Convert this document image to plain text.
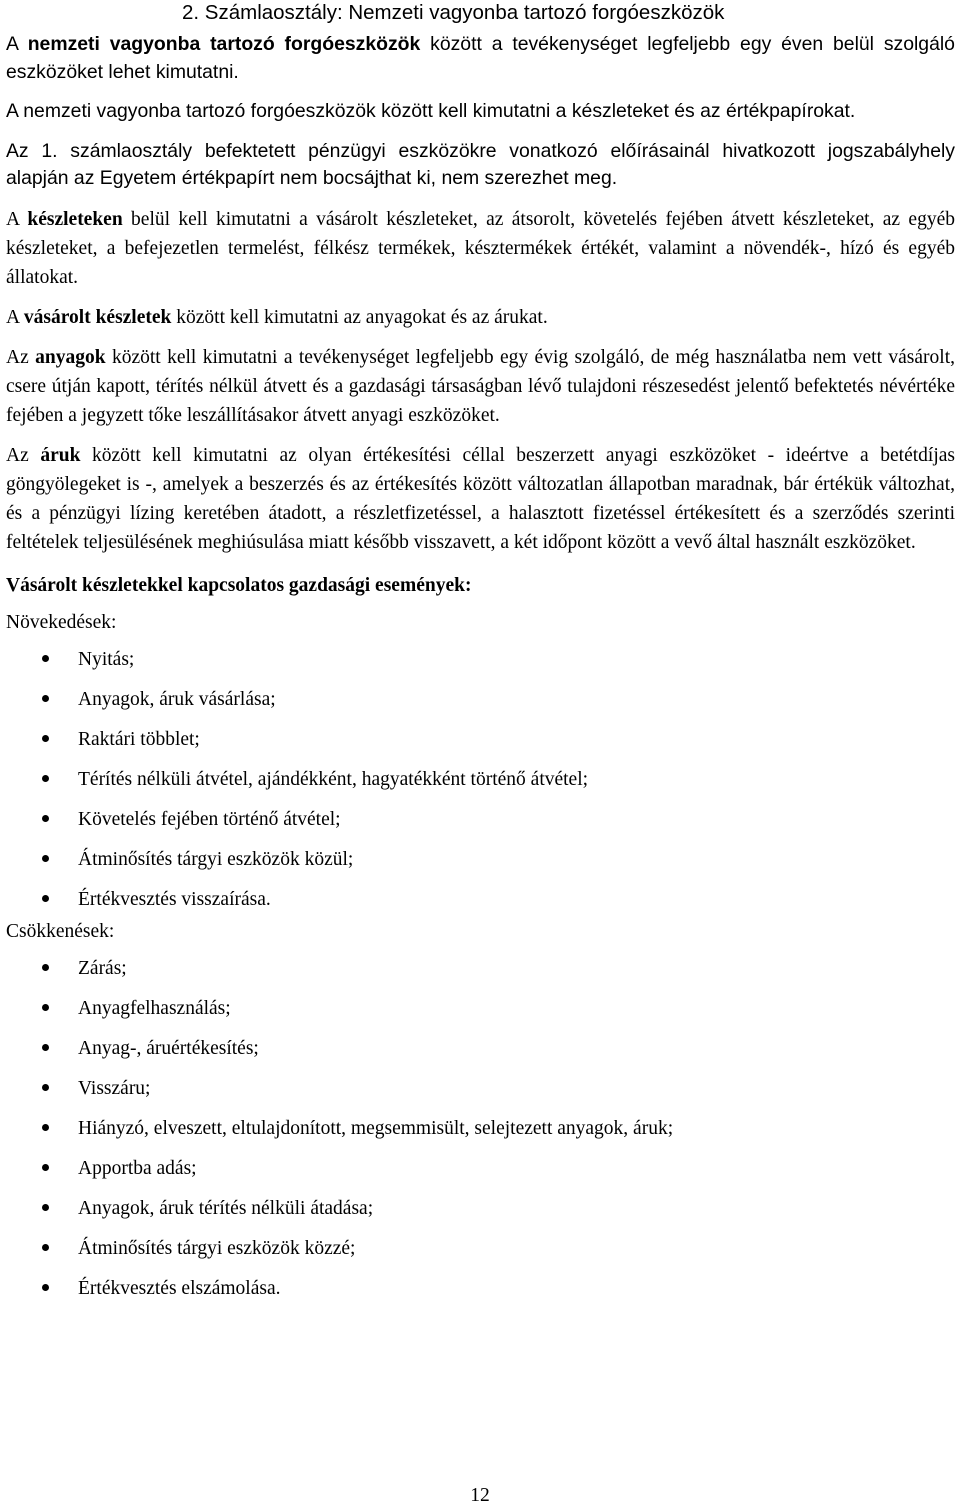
2. Számlaosztály: Nemzeti vagyonba tartozó forgóeszközök

A nemzeti vagyonba tartozó forgóeszközök között a tevékenységet legfeljebb egy éven belül szolgáló eszközöket lehet kimutatni.

A nemzeti vagyonba tartozó forgóeszközök között kell kimutatni a készleteket és az értékpapírokat.

Az 1. számlaosztály befektetett pénzügyi eszközökre vonatkozó előírásainál hivatkozott jogszabályhely alapján az Egyetem értékpapírt nem bocsájthat ki, nem szerezhet meg.

A készleteken belül kell kimutatni a vásárolt készleteket, az átsorolt, követelés fejében átvett készleteket, az egyéb készleteket, a befejezetlen termelést, félkész termékek, késztermékek értékét, valamint a növendék-, hízó és egyéb állatokat.

A vásárolt készletek között kell kimutatni az anyagokat és az árukat.

Az anyagok között kell kimutatni a tevékenységet legfeljebb egy évig szolgáló, de még használatba nem vett vásárolt, csere útján kapott, térítés nélkül átvett és a gazdasági társaságban lévő tulajdoni részesedést jelentő befektetés névértéke fejében a jegyzett tőke leszállításakor átvett anyagi eszközöket.

Az áruk között kell kimutatni az olyan értékesítési céllal beszerzett anyagi eszközöket - ideértve a betétdíjas göngyölegeket is -, amelyek a beszerzés és az értékesítés között változatlan állapotban maradnak, bár értékük változhat, és a pénzügyi lízing keretében átadott, a részletfizetéssel, a halasztott fizetéssel értékesített és a szerződés szerinti feltételek teljesülésének meghiúsulása miatt később visszavett, a két időpont között a vevő által használt eszközöket.

Vásárolt készletekkel kapcsolatos gazdasági események:
Növekedések:
Nyitás;
Anyagok, áruk vásárlása;
Raktári többlet;
Térítés nélküli átvétel, ajándékként, hagyatékként történő átvétel;
Követelés fejében történő átvétel;
Átminősítés tárgyi eszközök közül;
Értékvesztés visszaírása.
Csökkenések:
Zárás;
Anyagfelhasználás;
Anyag-, áruértékesítés;
Visszáru;
Hiányzó, elveszett, eltulajdonított, megsemmisült, selejtezett anyagok, áruk;
Apportba adás;
Anyagok, áruk térítés nélküli átadása;
Átminősítés tárgyi eszközök közzé;
Értékvesztés elszámolása.
12
